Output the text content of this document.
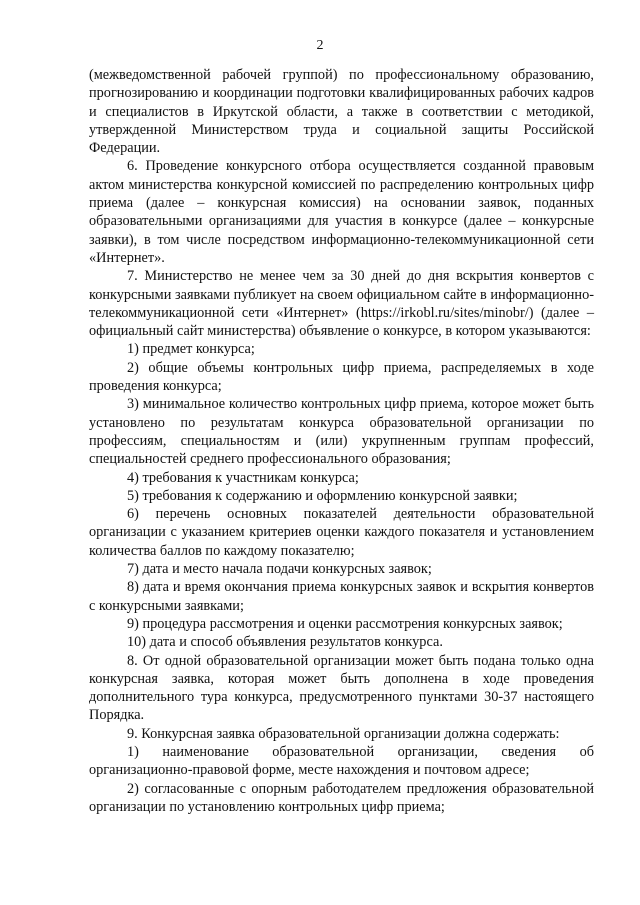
2

(межведомственной рабочей группой) по профессиональному образованию, прогнозированию и координации подготовки квалифицированных рабочих кадров и специалистов в Иркутской области, а также в соответствии с методикой, утвержденной Министерством труда и социальной защиты Российской Федерации.

6. Проведение конкурсного отбора осуществляется созданной правовым актом министерства конкурсной комиссией по распределению контрольных цифр приема (далее – конкурсная комиссия) на основании заявок, поданных образовательными организациями для участия в конкурсе (далее – конкурсные заявки), в том числе посредством информационно-телекоммуникационной сети «Интернет».

7. Министерство не менее чем за 30 дней до дня вскрытия конвертов с конкурсными заявками публикует на своем официальном сайте в информационно-телекоммуникационной сети «Интернет» (https://irkobl.ru/sites/minobr/) (далее – официальный сайт министерства) объявление о конкурсе, в котором указываются:

1) предмет конкурса;

2) общие объемы контрольных цифр приема, распределяемых в ходе проведения конкурса;

3) минимальное количество контрольных цифр приема, которое может быть установлено по результатам конкурса образовательной организации по профессиям, специальностям и (или) укрупненным группам профессий, специальностей среднего профессионального образования;

4) требования к участникам конкурса;

5) требования к содержанию и оформлению конкурсной заявки;

6) перечень основных показателей деятельности образовательной организации с указанием критериев оценки каждого показателя и установлением количества баллов по каждому показателю;

7) дата и место начала подачи конкурсных заявок;

8) дата и время окончания приема конкурсных заявок и вскрытия конвертов с конкурсными заявками;

9) процедура рассмотрения и оценки рассмотрения конкурсных заявок;

10) дата и способ объявления результатов конкурса.

8. От одной образовательной организации может быть подана только одна конкурсная заявка, которая может быть дополнена в ходе проведения дополнительного тура конкурса, предусмотренного пунктами 30-37 настоящего Порядка.

9. Конкурсная заявка образовательной организации должна содержать:

1) наименование образовательной организации, сведения об организационно-правовой форме, месте нахождения и почтовом адресе;

2) согласованные с опорным работодателем предложения образовательной организации по установлению контрольных цифр приема;
